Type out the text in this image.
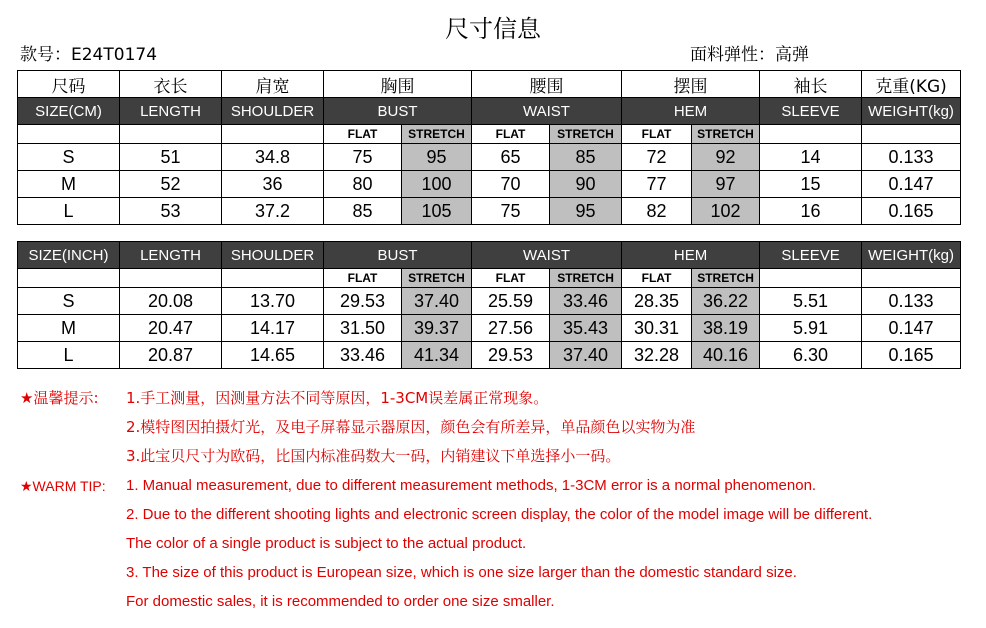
尺寸信息
款号：E24T0174	面料弹性：高弹
尺码	衣长	肩宽	胸围		腰围		摆围		袖长	克重(KG)
SIZE(CM)	LENGTH	SHOULDER	BUST		WAIST		HEM		SLEEVE	WEIGHT(kg)
			FLAT	STRETCH	FLAT	STRETCH	FLAT	STRETCH		
S	51	34.8	75	95	65	85	72	92	14	0.133
M	52	36	80	100	70	90	77	97	15	0.147
L	53	37.2	85	105	75	95	82	102	16	0.165
SIZE(INCH)	LENGTH	SHOULDER	BUST		WAIST		HEM		SLEEVE	WEIGHT(kg)
			FLAT	STRETCH	FLAT	STRETCH	FLAT	STRETCH		
S	20.08	13.70	29.53	37.40	25.59	33.46	28.35	36.22	5.51	0.133
M	20.47	14.17	31.50	39.37	27.56	35.43	30.31	38.19	5.91	0.147
L	20.87	14.65	33.46	41.34	29.53	37.40	32.28	40.16	6.30	0.165
★温馨提示: 1.手工测量，因测量方法不同等原因，1-3CM误差属正常现象。
2.模特图因拍摄灯光，及电子屏幕显示器原因，颜色会有所差异，单品颜色以实物为准
3.此宝贝尺寸为欧码，比国内标准码数大一码，内销建议下单选择小一码。
★WARM TIP: 1. Manual measurement, due to different measurement methods, 1-3CM error is a normal phenomenon.
2. Due to the different shooting lights and electronic screen display, the color of the model image will be different.
The color of a single product is subject to the actual product.
3. The size of this product is European size, which is one size larger than the domestic standard size.
For domestic sales, it is recommended to order one size smaller.
